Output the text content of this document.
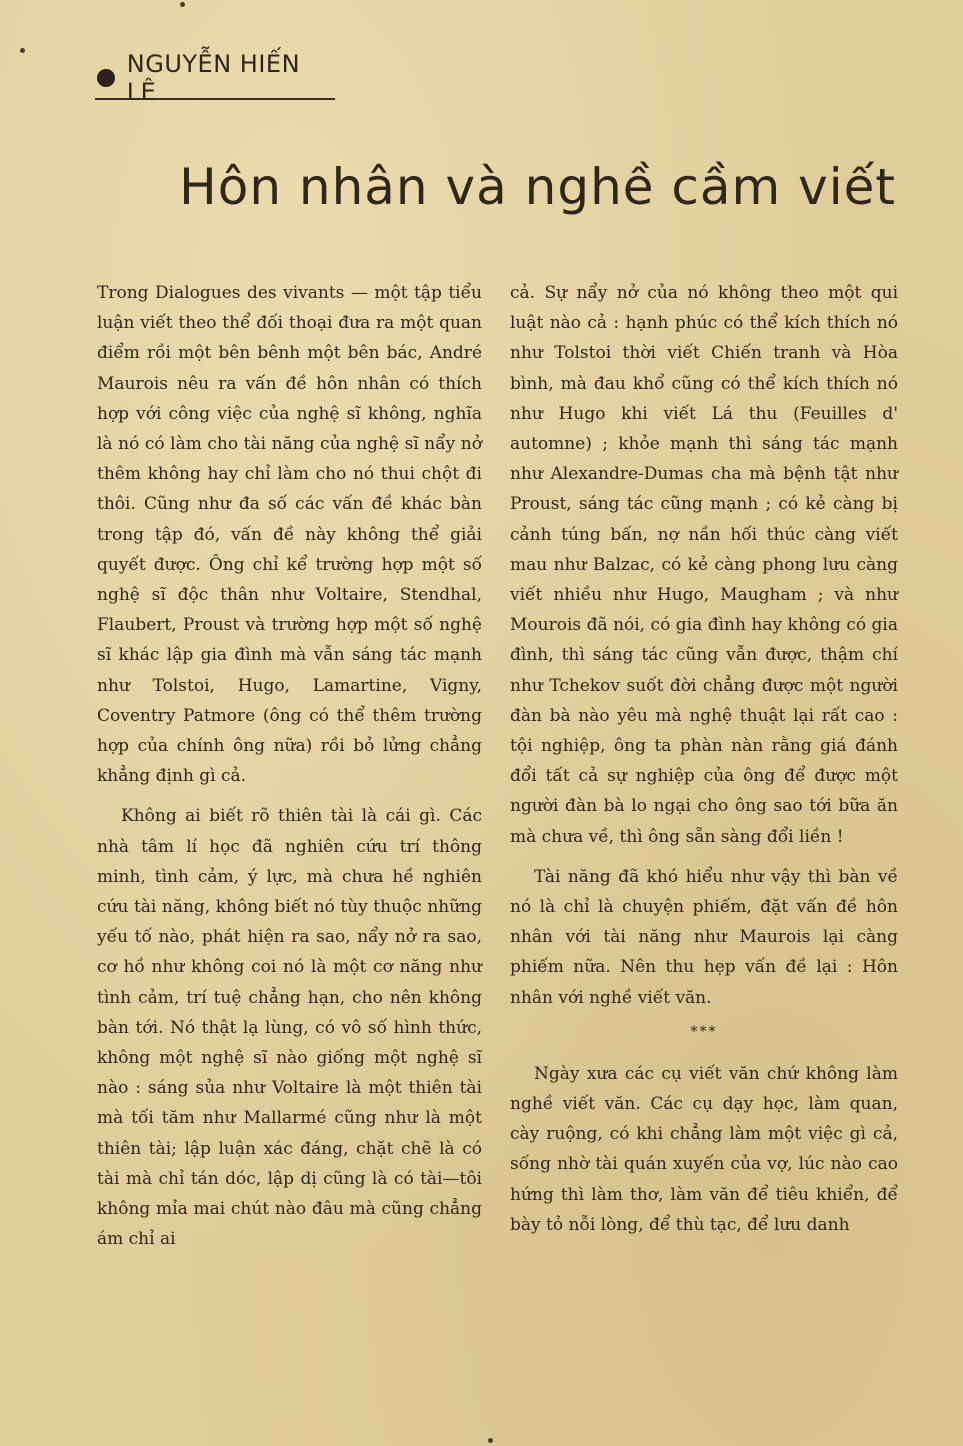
NGUYỄN HIẾN LÊ
Hôn nhân và nghề cầm viết

Trong Dialogues des vivants — một tập tiểu luận viết theo thể đối thoại đưa ra một quan điểm rồi một bên bênh một bên bác, André Maurois nêu ra vấn đề hôn nhân có thích hợp với công việc của nghệ sĩ không, nghĩa là nó có làm cho tài năng của nghệ sĩ nẩy nở thêm không hay chỉ làm cho nó thui chột đi thôi. Cũng như đa số các vấn đề khác bàn trong tập đó, vấn đề này không thể giải quyết được. Ông chỉ kể trường hợp một số nghệ sĩ độc thân như Voltaire, Stendhal, Flaubert, Proust và trường hợp một số nghệ sĩ khác lập gia đình mà vẫn sáng tác mạnh như Tolstoi, Hugo, Lamartine, Vigny, Coventry Patmore (ông có thể thêm trường hợp của chính ông nữa) rồi bỏ lửng chẳng khẳng định gì cả.

Không ai biết rõ thiên tài là cái gì. Các nhà tâm lí học đã nghiên cứu trí thông minh, tình cảm, ý lực, mà chưa hề nghiên cứu tài năng, không biết nó tùy thuộc những yếu tố nào, phát hiện ra sao, nẩy nở ra sao, cơ hồ như không coi nó là một cơ năng như tình cảm, trí tuệ chẳng hạn, cho nên không bàn tới. Nó thật lạ lùng, có vô số hình thức, không một nghệ sĩ nào giống một nghệ sĩ nào : sáng sủa như Voltaire là một thiên tài mà tối tăm như Mallarmé cũng như là một thiên tài; lập luận xác đáng, chặt chẽ là có tài mà chỉ tán dóc, lập dị cũng là có tài—tôi không mỉa mai chút nào đâu mà cũng chẳng ám chỉ ai

cả. Sự nẩy nở của nó không theo một qui luật nào cả : hạnh phúc có thể kích thích nó như Tolstoi thời viết Chiến tranh và Hòa bình, mà đau khổ cũng có thể kích thích nó như Hugo khi viết Lá thu (Feuilles d' automne) ; khỏe mạnh thì sáng tác mạnh như Alexandre-Dumas cha mà bệnh tật như Proust, sáng tác cũng mạnh ; có kẻ càng bị cảnh túng bấn, nợ nần hối thúc càng viết mau như Balzac, có kẻ càng phong lưu càng viết nhiều như Hugo, Maugham ; và như Mourois đã nói, có gia đình hay không có gia đình, thì sáng tác cũng vẫn được, thậm chí như Tchekov suốt đời chẳng được một người đàn bà nào yêu mà nghệ thuật lại rất cao : tội nghiệp, ông ta phàn nàn rằng giá đánh đổi tất cả sự nghiệp của ông để được một người đàn bà lo ngại cho ông sao tới bữa ăn mà chưa về, thì ông sẵn sàng đổi liền !

Tài năng đã khó hiểu như vậy thì bàn về nó là chỉ là chuyện phiếm, đặt vấn đề hôn nhân với tài năng như Maurois lại càng phiếm nữa. Nên thu hẹp vấn đề lại : Hôn nhân với nghề viết văn.

***

Ngày xưa các cụ viết văn chứ không làm nghề viết văn. Các cụ dạy học, làm quan, cày ruộng, có khi chẳng làm một việc gì cả, sống nhờ tài quán xuyến của vợ, lúc nào cao hứng thì làm thơ, làm văn để tiêu khiển, để bày tỏ nỗi lòng, để thù tạc, để lưu danh
